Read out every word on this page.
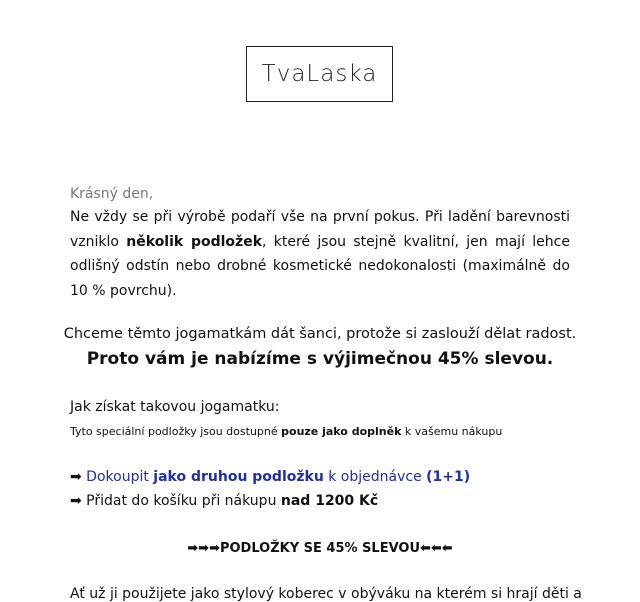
TvaLaska
Krásný den,
Ne vždy se při výrobě podaří vše na první pokus. Při ladění barevnosti vzniklo několik podložek, které jsou stejně kvalitní, jen mají lehce odlišný odstín nebo drobné kosmetické nedokonalosti (maximálně do 10 % povrchu).
Chceme těmto jogamatkám dát šanci, protože si zaslouží dělat radost.
Proto vám je nabízíme s výjimečnou 45% slevou.
Jak získat takovou jogamatku:
Tyto speciální podložky jsou dostupné pouze jako doplněk k vašemu nákupu
➡ Dokoupit jako druhou podložku k objednávce (1+1)
➡ Přidat do košíku při nákupu nad 1200 Kč
➡➡➡PODLOŽKY SE 45% SLEVOU⬅⬅⬅
Ať už ji použijete jako stylový koberec v obýváku na kterém si hrají děti a
